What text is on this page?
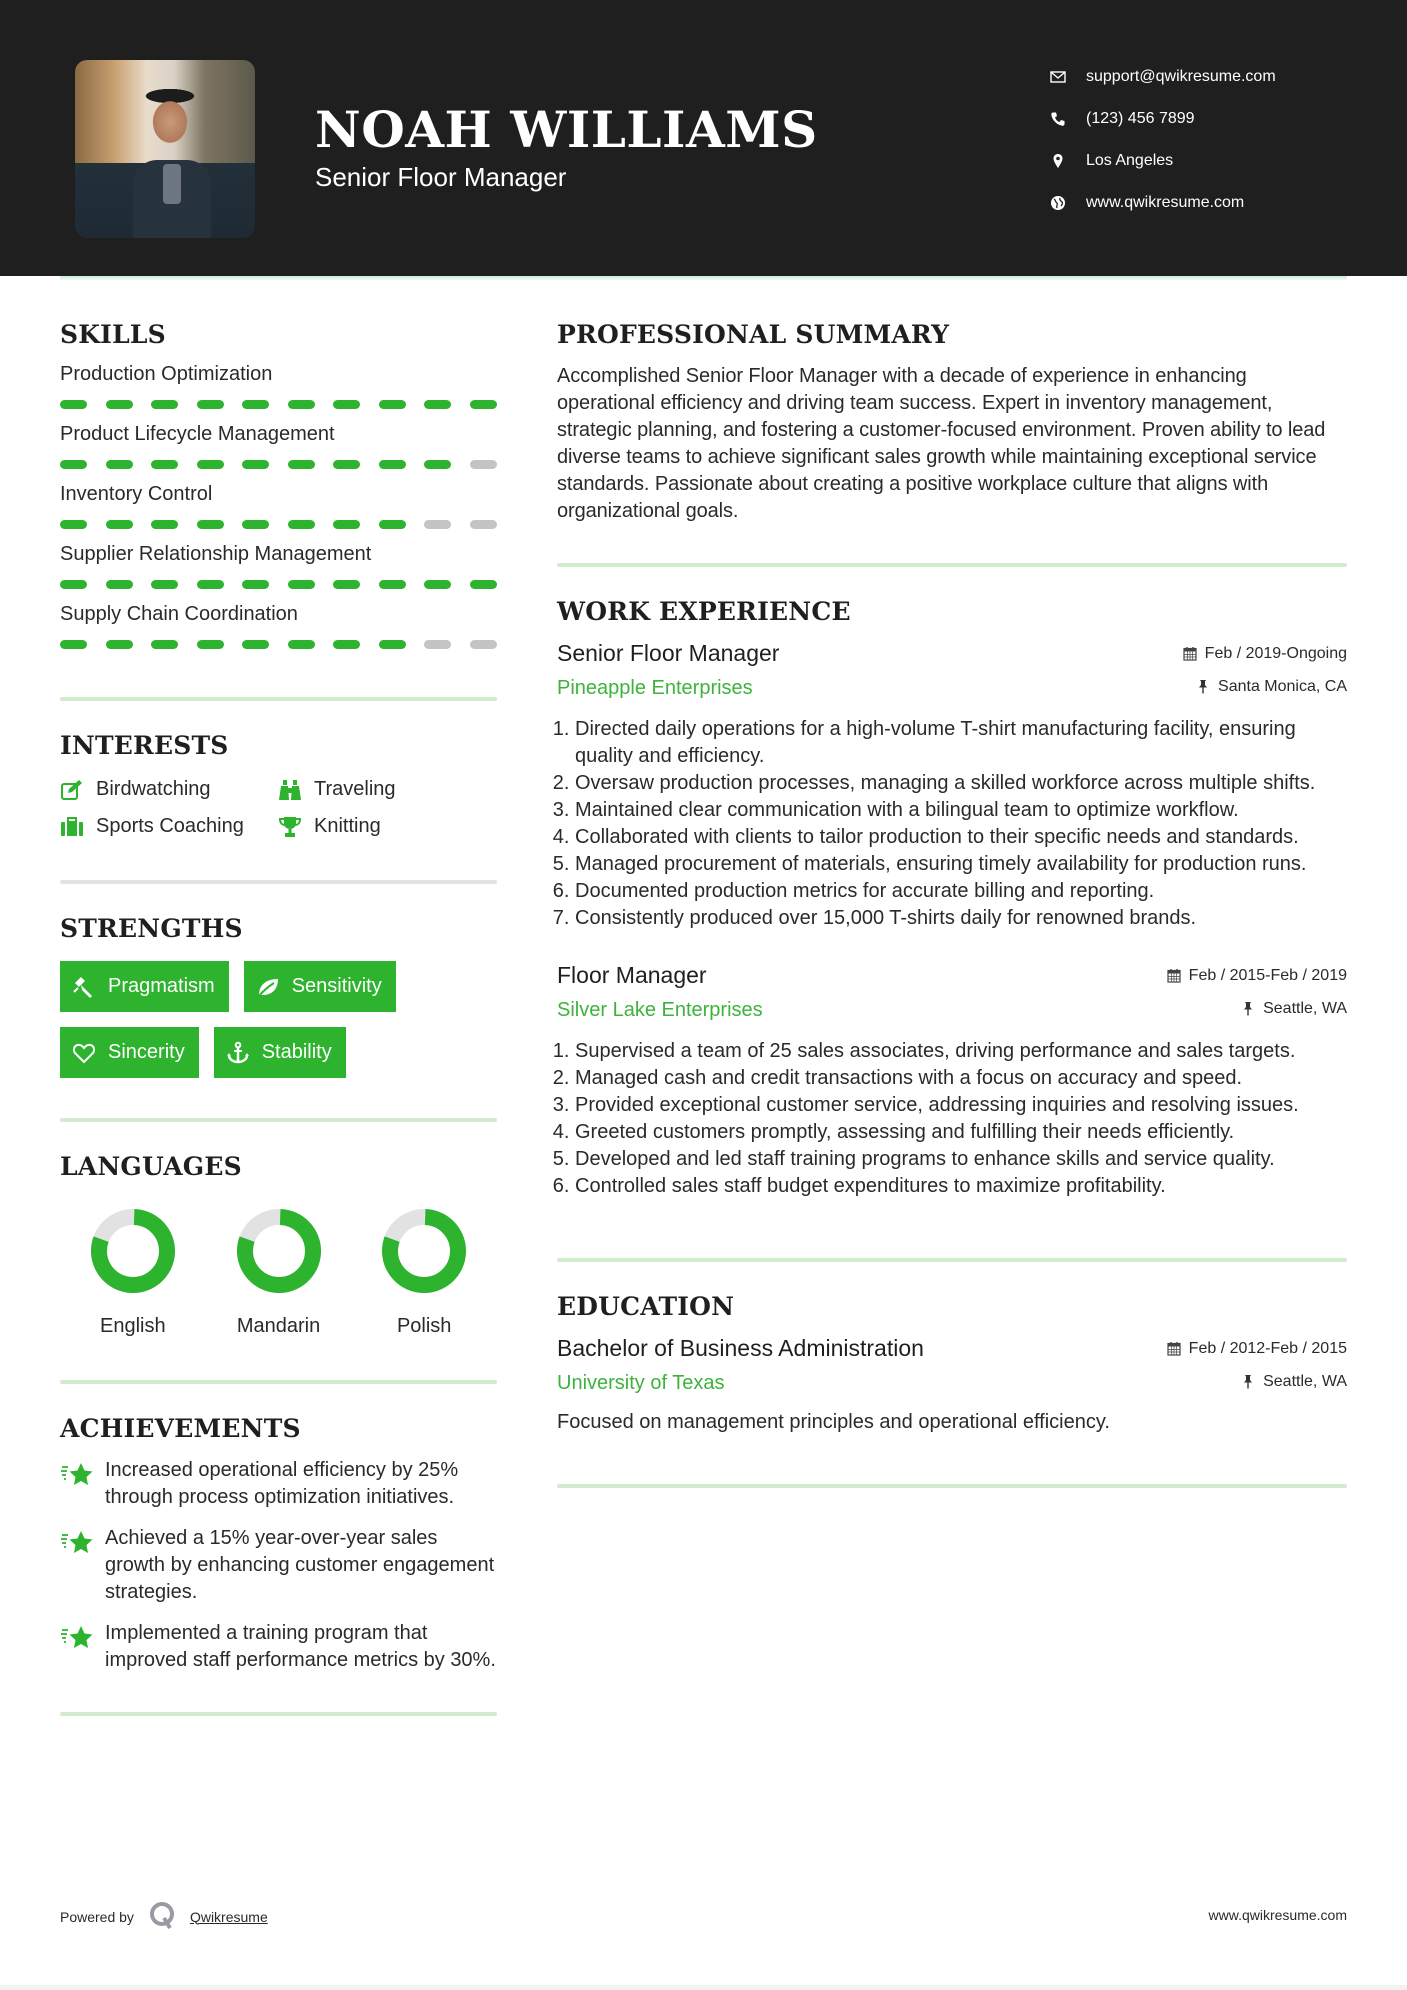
NOAH WILLIAMS
Senior Floor Manager
support@qwikresume.com
(123) 456 7899
Los Angeles
www.qwikresume.com
SKILLS
Production Optimization
Product Lifecycle Management
Inventory Control
Supplier Relationship Management
Supply Chain Coordination
INTERESTS
Birdwatching	Traveling
Sports Coaching	Knitting
STRENGTHS
Pragmatism	Sensitivity
Sincerity	Stability
LANGUAGES
English	Mandarin	Polish
ACHIEVEMENTS
Increased operational efficiency by 25% through process optimization initiatives.
Achieved a 15% year-over-year sales growth by enhancing customer engagement strategies.
Implemented a training program that improved staff performance metrics by 30%.
PROFESSIONAL SUMMARY

Accomplished Senior Floor Manager with a decade of experience in enhancing operational efficiency and driving team success. Expert in inventory management, strategic planning, and fostering a customer-focused environment. Proven ability to lead diverse teams to achieve significant sales growth while maintaining exceptional service standards. Passionate about creating a positive workplace culture that aligns with organizational goals.

WORK EXPERIENCE
Senior Floor Manager	Feb / 2019-Ongoing
Pineapple Enterprises	Santa Monica, CA
1. Directed daily operations for a high-volume T-shirt manufacturing facility, ensuring quality and efficiency.
2. Oversaw production processes, managing a skilled workforce across multiple shifts.
3. Maintained clear communication with a bilingual team to optimize workflow.
4. Collaborated with clients to tailor production to their specific needs and standards.
5. Managed procurement of materials, ensuring timely availability for production runs.
6. Documented production metrics for accurate billing and reporting.
7. Consistently produced over 15,000 T-shirts daily for renowned brands.
Floor Manager	Feb / 2015-Feb / 2019
Silver Lake Enterprises	Seattle, WA
1. Supervised a team of 25 sales associates, driving performance and sales targets.
2. Managed cash and credit transactions with a focus on accuracy and speed.
3. Provided exceptional customer service, addressing inquiries and resolving issues.
4. Greeted customers promptly, assessing and fulfilling their needs efficiently.
5. Developed and led staff training programs to enhance skills and service quality.
6. Controlled sales staff budget expenditures to maximize profitability.
EDUCATION
Bachelor of Business Administration	Feb / 2012-Feb / 2015
University of Texas	Seattle, WA

Focused on management principles and operational efficiency.

Powered by	Qwikresume	www.qwikresume.com
